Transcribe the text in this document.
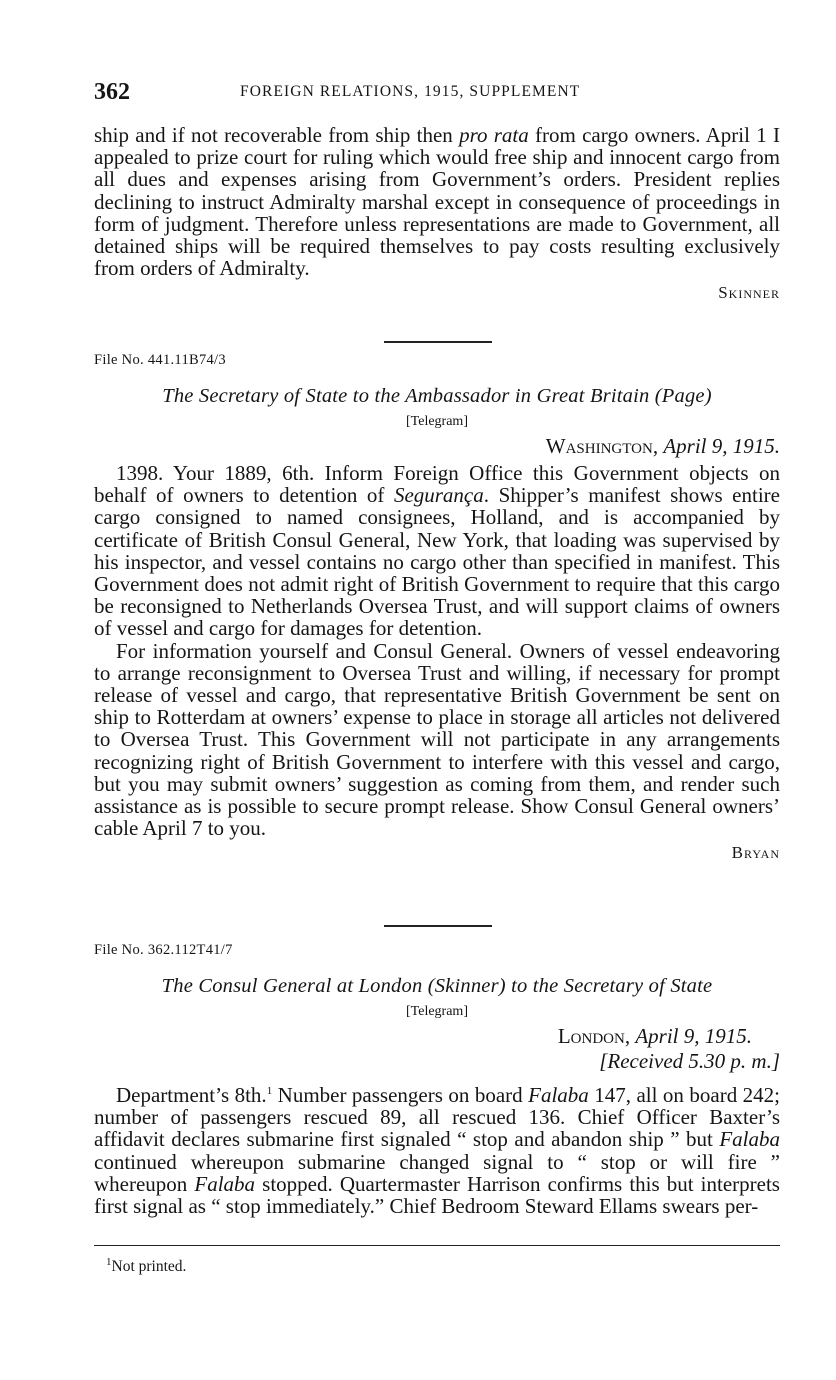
362	FOREIGN RELATIONS, 1915, SUPPLEMENT

ship and if not recoverable from ship then pro rata from cargo owners. April 1 I appealed to prize court for ruling which would free ship and innocent cargo from all dues and expenses arising from Government’s orders. President replies declining to instruct Admiralty marshal except in consequence of proceedings in form of judgment. Therefore unless representations are made to Government, all detained ships will be required themselves to pay costs resulting exclusively from orders of Admiralty.

Skinner
File No. 441.11B74/3
The Secretary of State to the Ambassador in Great Britain (Page)
[Telegram]
Washington, April 9, 1915.

1398. Your 1889, 6th. Inform Foreign Office this Government objects on behalf of owners to detention of Segurança. Shipper’s manifest shows entire cargo consigned to named consignees, Holland, and is accompanied by certificate of British Consul General, New York, that loading was supervised by his inspector, and vessel contains no cargo other than specified in manifest. This Government does not admit right of British Government to require that this cargo be reconsigned to Netherlands Oversea Trust, and will support claims of owners of vessel and cargo for damages for detention.

For information yourself and Consul General. Owners of vessel endeavoring to arrange reconsignment to Oversea Trust and willing, if necessary for prompt release of vessel and cargo, that representative British Government be sent on ship to Rotterdam at owners’ expense to place in storage all articles not delivered to Oversea Trust. This Government will not participate in any arrangements recognizing right of British Government to interfere with this vessel and cargo, but you may submit owners’ suggestion as coming from them, and render such assistance as is possible to secure prompt release. Show Consul General owners’ cable April 7 to you.

Bryan
File No. 362.112T41/7
The Consul General at London (Skinner) to the Secretary of State
[Telegram]
London, April 9, 1915.
[Received 5.30 p. m.]

Department’s 8th.$^1$ Number passengers on board Falaba 147, all on board 242; number of passengers rescued 89, all rescued 136. Chief Officer Baxter’s affidavit declares submarine first signaled “ stop and abandon ship ” but Falaba continued whereupon submarine changed signal to “ stop or will fire ” whereupon Falaba stopped. Quartermaster Harrison confirms this but interprets first signal as “ stop immediately.” Chief Bedroom Steward Ellams swears per-

$^1$Not printed.
